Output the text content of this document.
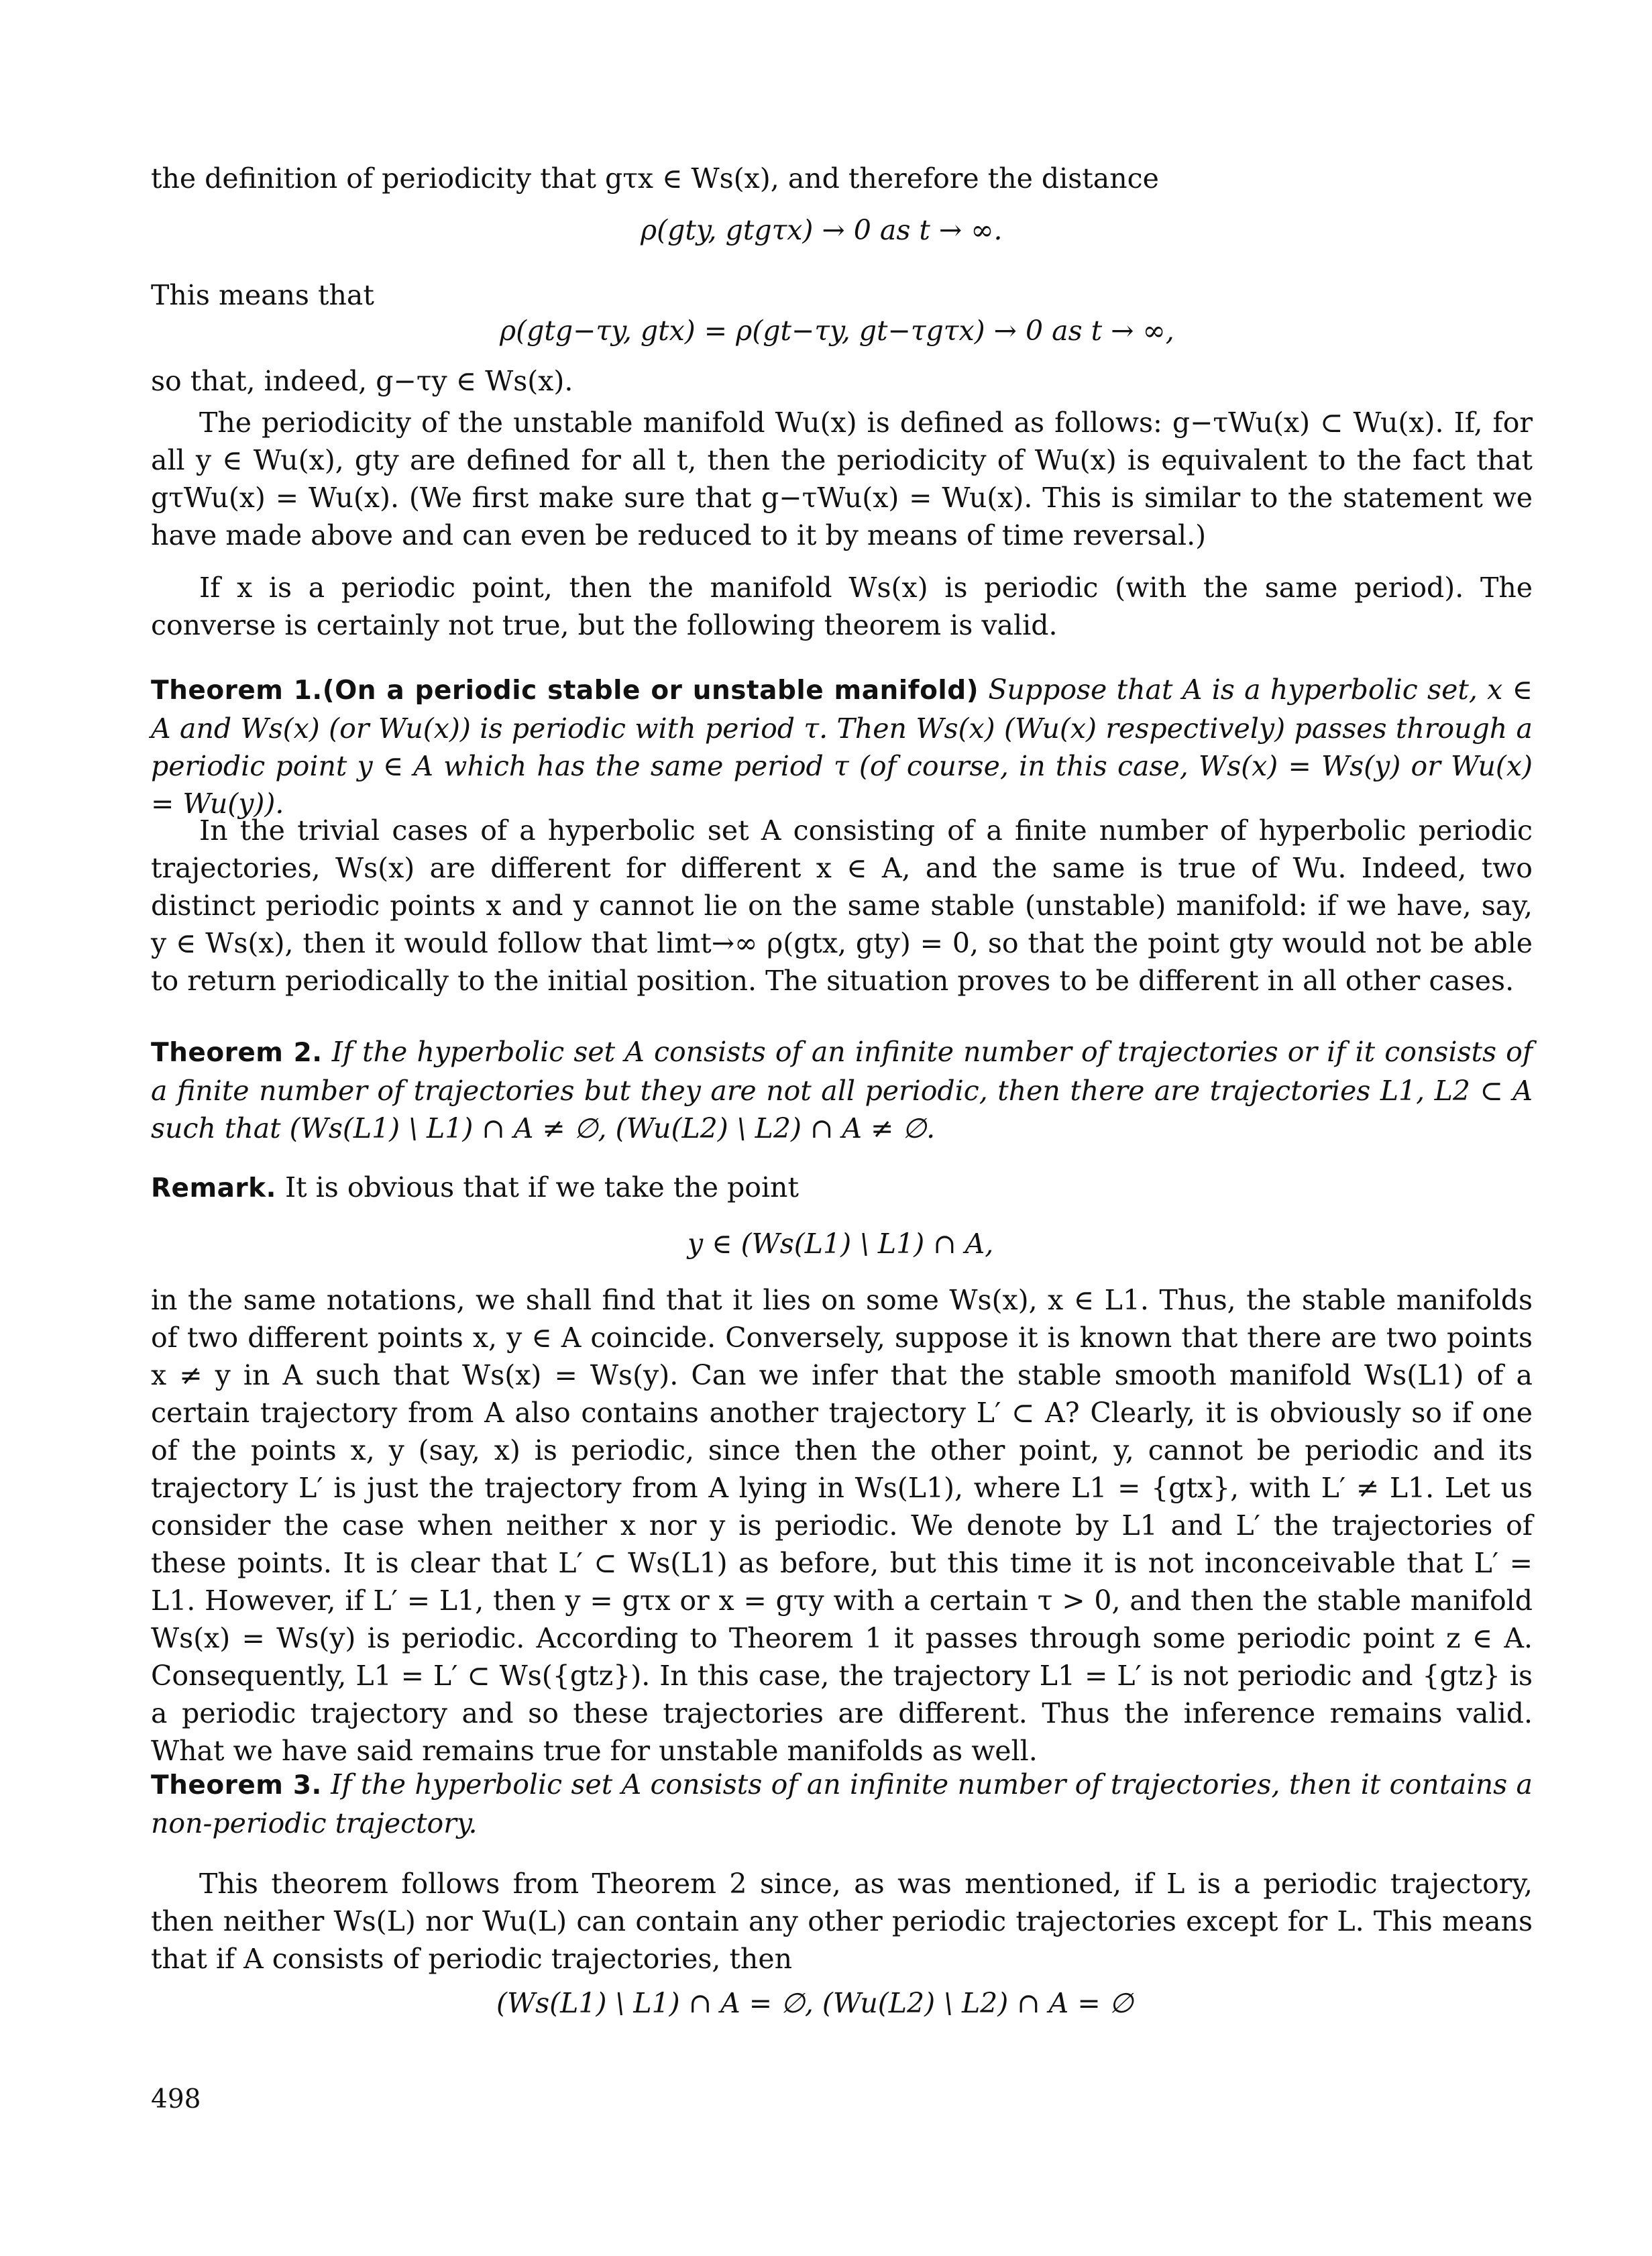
the definition of periodicity that gτx ∈ Ws(x), and therefore the distance

ρ(gty, gtgτx) → 0 as t → ∞.

This means that

ρ(gtg−τy, gtx) = ρ(gt−τy, gt−τgτx) → 0 as t → ∞,

so that, indeed, g−τy ∈ Ws(x).

The periodicity of the unstable manifold Wu(x) is defined as follows: g−τWu(x) ⊂ Wu(x). If, for all y ∈ Wu(x), gty are defined for all t, then the periodicity of Wu(x) is equivalent to the fact that gτWu(x) = Wu(x). (We first make sure that g−τWu(x) = Wu(x). This is similar to the statement we have made above and can even be reduced to it by means of time reversal.)

If x is a periodic point, then the manifold Ws(x) is periodic (with the same period). The converse is certainly not true, but the following theorem is valid.

Theorem 1.(On a periodic stable or unstable manifold) Suppose that A is a hyperbolic set, x ∈ A and Ws(x) (or Wu(x)) is periodic with period τ. Then Ws(x) (Wu(x) respectively) passes through a periodic point y ∈ A which has the same period τ (of course, in this case, Ws(x) = Ws(y) or Wu(x) = Wu(y)).

In the trivial cases of a hyperbolic set A consisting of a finite number of hyperbolic periodic trajectories, Ws(x) are different for different x ∈ A, and the same is true of Wu. Indeed, two distinct periodic points x and y cannot lie on the same stable (unstable) manifold: if we have, say, y ∈ Ws(x), then it would follow that limt→∞ ρ(gtx, gty) = 0, so that the point gty would not be able to return periodically to the initial position. The situation proves to be different in all other cases.

Theorem 2. If the hyperbolic set A consists of an infinite number of trajectories or if it consists of a finite number of trajectories but they are not all periodic, then there are trajectories L1, L2 ⊂ A such that (Ws(L1) \ L1) ∩ A ≠ ∅, (Wu(L2) \ L2) ∩ A ≠ ∅.

Remark. It is obvious that if we take the point

y ∈ (Ws(L1) \ L1) ∩ A,

in the same notations, we shall find that it lies on some Ws(x), x ∈ L1. Thus, the stable manifolds of two different points x, y ∈ A coincide. Conversely, suppose it is known that there are two points x ≠ y in A such that Ws(x) = Ws(y). Can we infer that the stable smooth manifold Ws(L1) of a certain trajectory from A also contains another trajectory L′ ⊂ A? Clearly, it is obviously so if one of the points x, y (say, x) is periodic, since then the other point, y, cannot be periodic and its trajectory L′ is just the trajectory from A lying in Ws(L1), where L1 = {gtx}, with L′ ≠ L1. Let us consider the case when neither x nor y is periodic. We denote by L1 and L′ the trajectories of these points. It is clear that L′ ⊂ Ws(L1) as before, but this time it is not inconceivable that L′ = L1. However, if L′ = L1, then y = gτx or x = gτy with a certain τ > 0, and then the stable manifold Ws(x) = Ws(y) is periodic. According to Theorem 1 it passes through some periodic point z ∈ A. Consequently, L1 = L′ ⊂ Ws({gtz}). In this case, the trajectory L1 = L′ is not periodic and {gtz} is a periodic trajectory and so these trajectories are different. Thus the inference remains valid. What we have said remains true for unstable manifolds as well.

Theorem 3. If the hyperbolic set A consists of an infinite number of trajectories, then it contains a non-periodic trajectory.

This theorem follows from Theorem 2 since, as was mentioned, if L is a periodic trajectory, then neither Ws(L) nor Wu(L) can contain any other periodic trajectories except for L. This means that if A consists of periodic trajectories, then

(Ws(L1) \ L1) ∩ A = ∅, (Wu(L2) \ L2) ∩ A = ∅

498
